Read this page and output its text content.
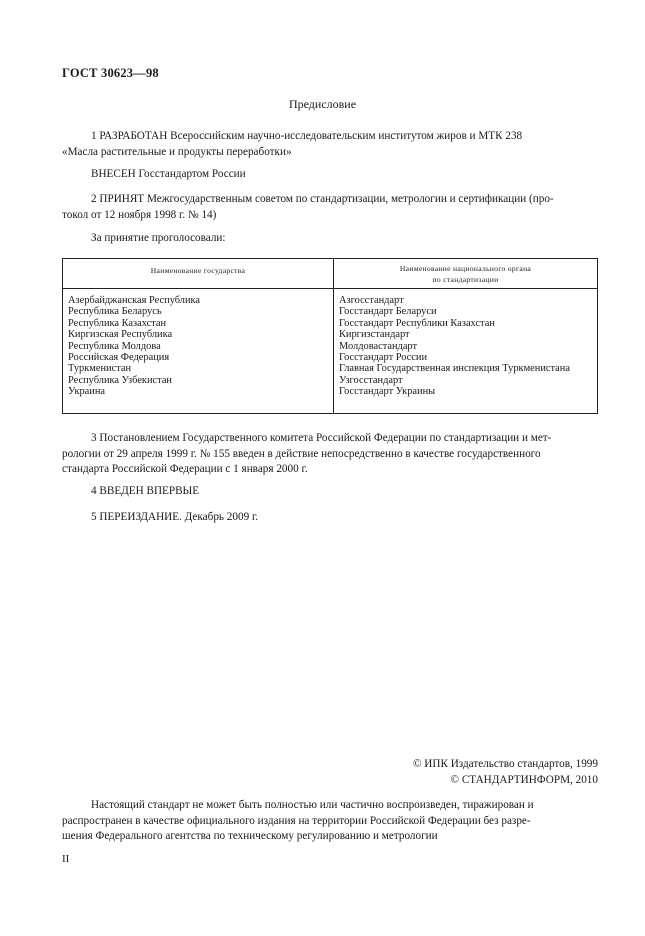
ГОСТ 30623—98
Предисловие
1 РАЗРАБОТАН Всероссийским научно-исследовательским институтом жиров и МТК 238
«Масла растительные и продукты переработки»
ВНЕСЕН Госстандартом России
2 ПРИНЯТ Межгосударственным советом по стандартизации, метрологии и сертификации (про-
токол от 12 ноября 1998 г. № 14)
За принятие проголосовали:
Наименование государства	Наименование национального органа
по стандартизации
Азербайджанская Республика
Республика Беларусь
Республика Казахстан
Киргизская Республика
Республика Молдова
Российская Федерация
Туркменистан
Республика Узбекистан
Украина
Азгосстандарт
Госстандарт Беларуси
Госстандарт Республики Казахстан
Киргизстандарт
Молдовастандарт
Госстандарт России
Главная Государственная инспекция Туркменистана
Узгосстандарт
Госстандарт Украины
3 Постановлением Государственного комитета Российской Федерации по стандартизации и мет-
рологии от 29 апреля 1999 г. № 155 введен в действие непосредственно в качестве государственного
стандарта Российской Федерации с 1 января 2000 г.
4 ВВЕДЕН ВПЕРВЫЕ
5 ПЕРЕИЗДАНИЕ. Декабрь 2009 г.
© ИПК Издательство стандартов, 1999
© СТАНДАРТИНФОРМ, 2010
Настоящий стандарт не может быть полностью или частично воспроизведен, тиражирован и
распространен в качестве официального издания на территории Российской Федерации без разре-
шения Федерального агентства по техническому регулированию и метрологии
II
